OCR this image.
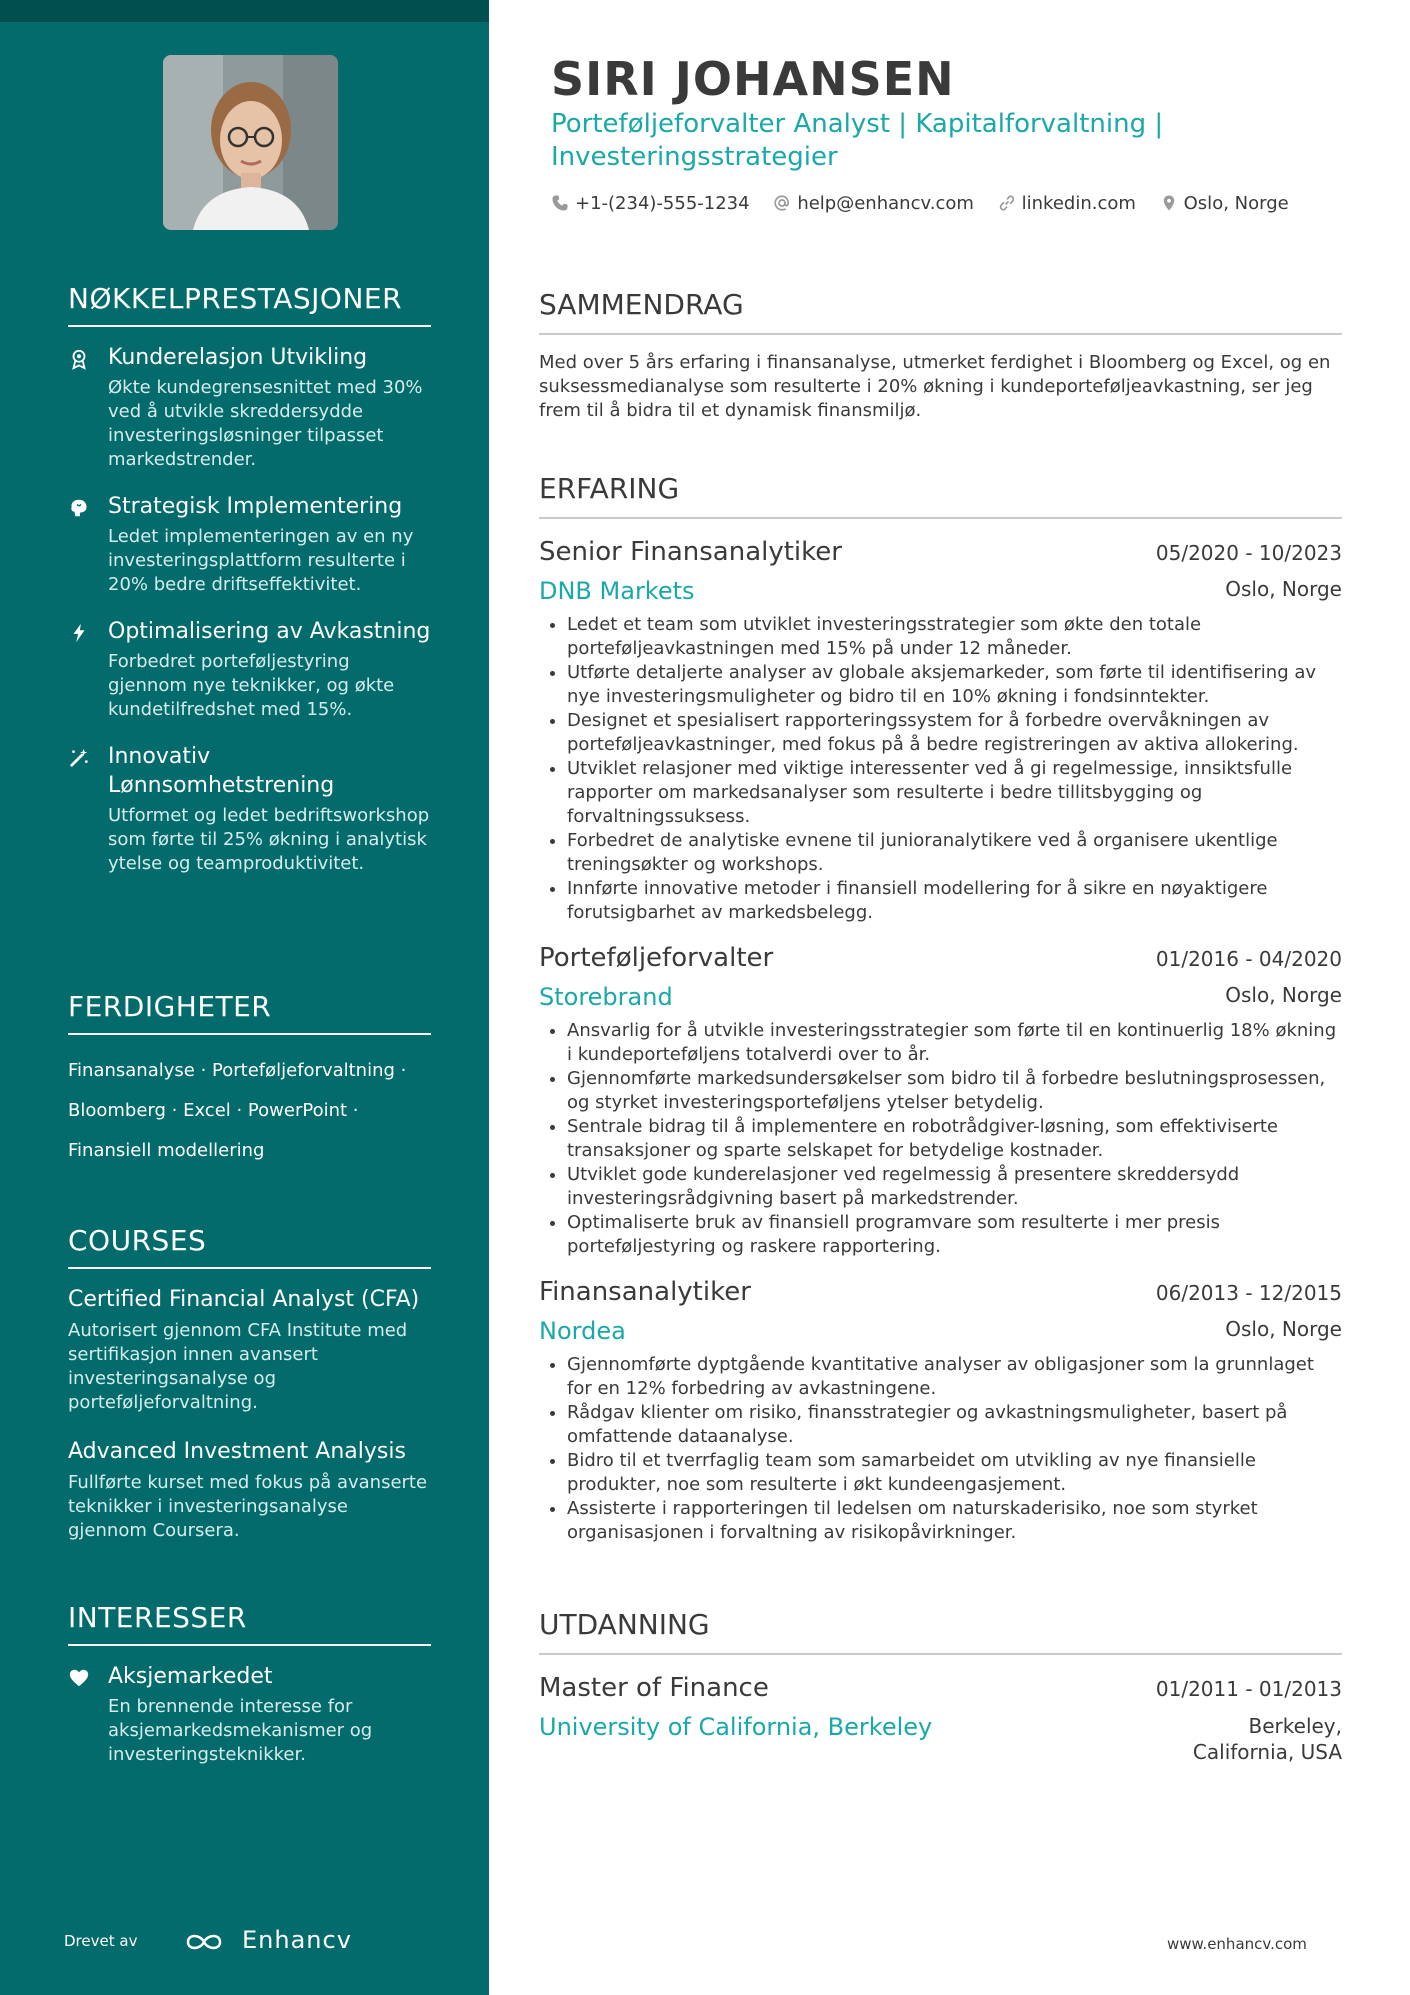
NØKKELPRESTASJONER
Kunderelasjon Utvikling
Økte kundegrensesnittet med 30% ved å utvikle skreddersydde investeringsløsninger tilpasset markedstrender.
Strategisk Implementering
Ledet implementeringen av en ny investeringsplattform resulterte i 20% bedre driftseffektivitet.
Optimalisering av Avkastning
Forbedret porteføljestyring gjennom nye teknikker, og økte kundetilfredshet med 15%.
Innovativ Lønnsomhetstrening
Utformet og ledet bedriftsworkshop som førte til 25% økning i analytisk ytelse og teamproduktivitet.
FERDIGHETER
Finansanalyse · Porteføljeforvaltning ·
Bloomberg · Excel · PowerPoint ·
Finansiell modellering
COURSES
Certified Financial Analyst (CFA)
Autorisert gjennom CFA Institute med sertifikasjon innen avansert investeringsanalyse og porteføljeforvaltning.
Advanced Investment Analysis
Fullførte kurset med fokus på avanserte teknikker i investeringsanalyse gjennom Coursera.
INTERESSER
Aksjemarkedet
En brennende interesse for aksjemarkedsmekanismer og investeringsteknikker.
Drevet av	Enhancv
SIRI JOHANSEN
Porteføljeforvalter Analyst | Kapitalforvaltning | Investeringsstrategier
+1-(234)-555-1234	help@enhancv.com	linkedin.com	Oslo, Norge
SAMMENDRAG
Med over 5 års erfaring i finansanalyse, utmerket ferdighet i Bloomberg og Excel, og en suksessmedianalyse som resulterte i 20% økning i kundeporteføljeavkastning, ser jeg frem til å bidra til et dynamisk finansmiljø.
ERFARING
Senior Finansanalytiker	05/2020 - 10/2023
DNB Markets	Oslo, Norge
• Ledet et team som utviklet investeringsstrategier som økte den totale porteføljeavkastningen med 15% på under 12 måneder.
• Utførte detaljerte analyser av globale aksjemarkeder, som førte til identifisering av nye investeringsmuligheter og bidro til en 10% økning i fondsinntekter.
• Designet et spesialisert rapporteringssystem for å forbedre overvåkningen av porteføljeavkastninger, med fokus på å bedre registreringen av aktiva allokering.
• Utviklet relasjoner med viktige interessenter ved å gi regelmessige, innsiktsfulle rapporter om markedsanalyser som resulterte i bedre tillitsbygging og forvaltningssuksess.
• Forbedret de analytiske evnene til junioranalytikere ved å organisere ukentlige treningsøkter og workshops.
• Innførte innovative metoder i finansiell modellering for å sikre en nøyaktigere forutsigbarhet av markedsbelegg.
Porteføljeforvalter	01/2016 - 04/2020
Storebrand	Oslo, Norge
• Ansvarlig for å utvikle investeringsstrategier som førte til en kontinuerlig 18% økning i kundeporteføljens totalverdi over to år.
• Gjennomførte markedsundersøkelser som bidro til å forbedre beslutningsprosessen, og styrket investeringsporteføljens ytelser betydelig.
• Sentrale bidrag til å implementere en robotrådgiver-løsning, som effektiviserte transaksjoner og sparte selskapet for betydelige kostnader.
• Utviklet gode kunderelasjoner ved regelmessig å presentere skreddersydd investeringsrådgivning basert på markedstrender.
• Optimaliserte bruk av finansiell programvare som resulterte i mer presis porteføljestyring og raskere rapportering.
Finansanalytiker	06/2013 - 12/2015
Nordea	Oslo, Norge
• Gjennomførte dyptgående kvantitative analyser av obligasjoner som la grunnlaget for en 12% forbedring av avkastningene.
• Rådgav klienter om risiko, finansstrategier og avkastningsmuligheter, basert på omfattende dataanalyse.
• Bidro til et tverrfaglig team som samarbeidet om utvikling av nye finansielle produkter, noe som resulterte i økt kundeengasjement.
• Assisterte i rapporteringen til ledelsen om naturskaderisiko, noe som styrket organisasjonen i forvaltning av risikopåvirkninger.
UTDANNING
Master of Finance	01/2011 - 01/2013
University of California, Berkeley	Berkeley, California, USA
www.enhancv.com
